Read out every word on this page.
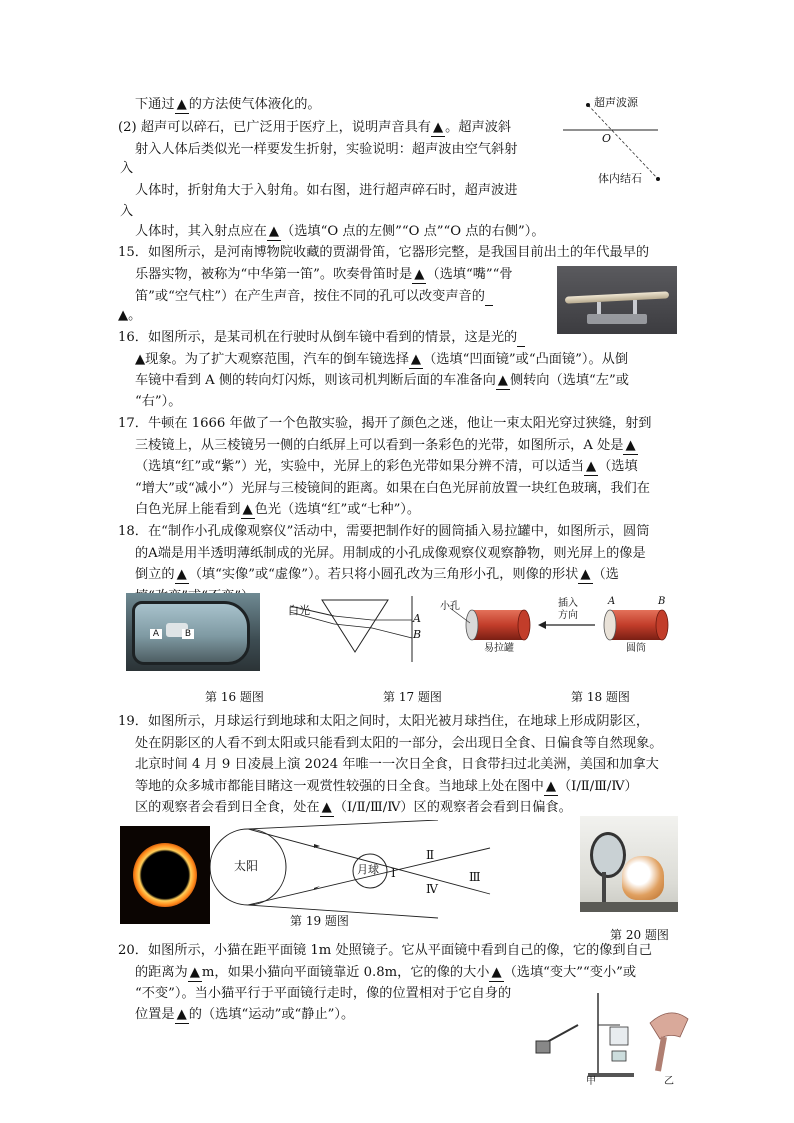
下通过 ▲ 的方法使气体液化的。
(2) 超声可以碎石，已广泛用于医疗上，说明声音具有 ▲ 。超声波斜
射入人体后类似光一样要发生折射，实验说明：超声波由空气斜射
入
人体时，折射角大于入射角。如右图，进行超声碎石时，超声波进
入
人体时，其入射点应在 ▲ （选填“O 点的左侧”“O 点”“O 点的右侧”）。
超声波源
O
体内结石
15．如图所示，是河南博物院收藏的贾湖骨笛，它器形完整，是我国目前出土的年代最早的
乐器实物，被称为“中华第一笛”。吹奏骨笛时是 ▲ （选填“嘴”“骨
笛”或“空气柱”）在产生声音，按住不同的孔可以改变声音的
▲。
16．如图所示，是某司机在行驶时从倒车镜中看到的情景，这是光的
▲现象。为了扩大观察范围，汽车的倒车镜选择 ▲ （选填“凹面镜”或“凸面镜”）。从倒
车镜中看到 A 侧的转向灯闪烁，则该司机判断后面的车准备向 ▲ 侧转向（选填“左”或
“右”）。
17．牛顿在 1666 年做了一个色散实验，揭开了颜色之迷，他让一束太阳光穿过狭缝，射到
三棱镜上，从三棱镜另一侧的白纸屏上可以看到一条彩色的光带，如图所示，A 处是 ▲
（选填“红”或“紫”）光，实验中，光屏上的彩色光带如果分辨不清，可以适当 ▲ （选填
“增大”或“减小”）光屏与三棱镜间的距离。如果在白色光屏前放置一块红色玻璃，我们在
白色光屏上能看到 ▲ 色光（选填“红”或“七种”）。
18．在“制作小孔成像观察仪”活动中，需要把制作好的圆筒插入易拉罐中，如图所示，圆筒
的A端是用半透明薄纸制成的光屏。用制成的小孔成像观察仪观察静物，则光屏上的像是
倒立的 ▲ （填“实像”或“虚像”）。若只将小圆孔改为三角形小孔，则像的形状 ▲ （选
A	B
白光
A
B
小孔
易拉罐
插入
方向
圆筒
A	B
第 16 题图	第 17 题图	第 18 题图
19．如图所示，月球运行到地球和太阳之间时，太阳光被月球挡住，在地球上形成阴影区，
处在阴影区的人看不到太阳或只能看到太阳的一部分，会出现日全食、日偏食等自然现象。
北京时间 4 月 9 日凌晨上演 2024 年唯一一次日全食，日食带扫过北美洲，美国和加拿大
等地的众多城市都能目睹这一观赏性较强的日全食。当地球上处在图中 ▲ （Ⅰ/Ⅱ/Ⅲ/Ⅳ）
区的观察者会看到日全食，处在 ▲ （Ⅰ/Ⅱ/Ⅲ/Ⅳ）区的观察者会看到日偏食。
太阳	月球 Ⅰ
Ⅱ
Ⅲ
Ⅳ
第 19 题图
第 20 题图
20．如图所示，小猫在距平面镜 1m 处照镜子。它从平面镜中看到自己的像，它的像到自己
的距离为 ▲ m，如果小猫向平面镜靠近 0.8m，它的像的大小 ▲ （选填“变大”“变小”或
“不变”）。当小猫平行于平面镜行走时，像的位置相对于它自身的
位置是 ▲ 的（选填“运动”或“静止”）。
甲	乙
